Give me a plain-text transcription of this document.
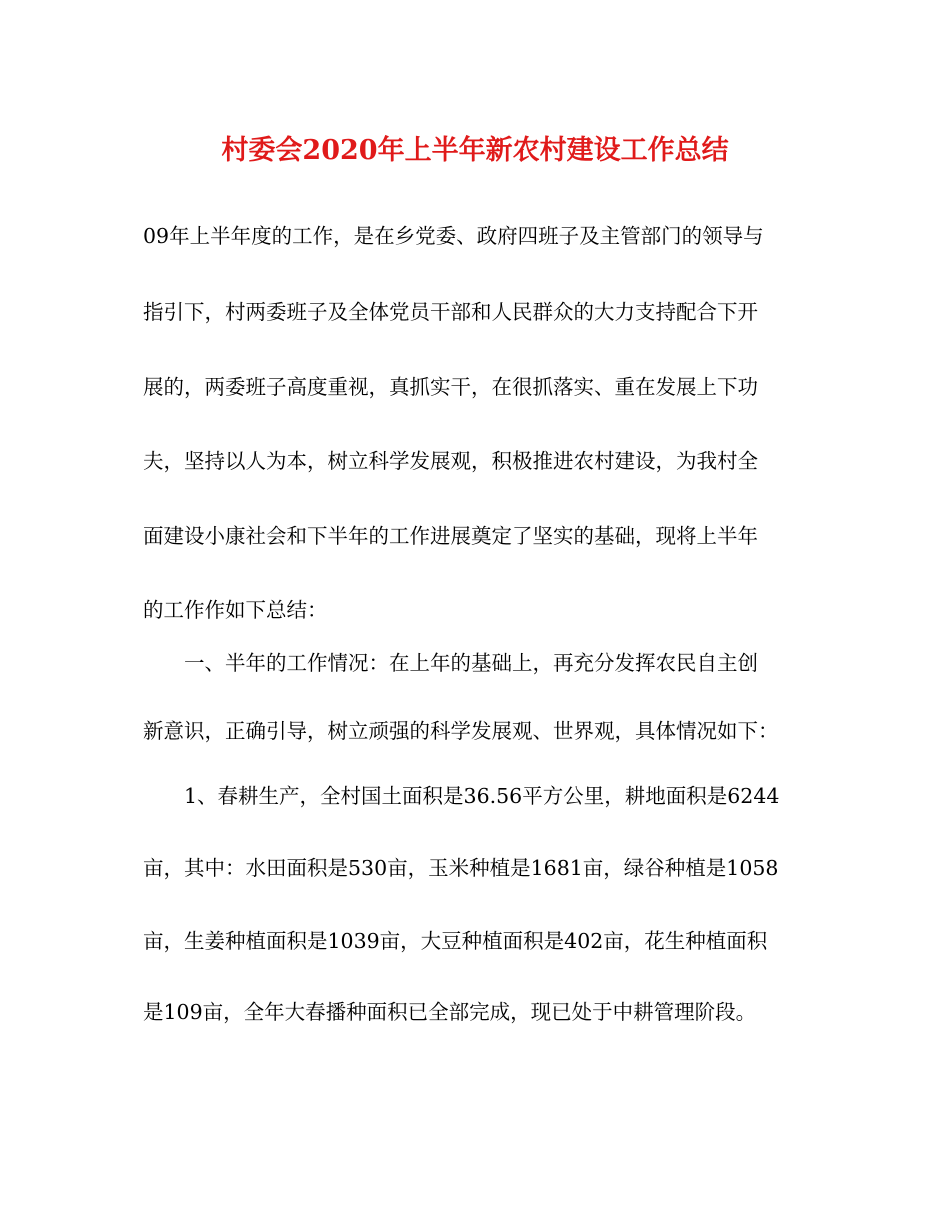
村委会2020年上半年新农村建设工作总结

09年上半年度的工作，是在乡党委、政府四班子及主管部门的领导与

指引下，村两委班子及全体党员干部和人民群众的大力支持配合下开

展的，两委班子高度重视，真抓实干，在很抓落实、重在发展上下功

夫，坚持以人为本，树立科学发展观，积极推进农村建设，为我村全

面建设小康社会和下半年的工作进展奠定了坚实的基础，现将上半年

的工作作如下总结：

一、半年的工作情况：在上年的基础上，再充分发挥农民自主创

新意识，正确引导，树立顽强的科学发展观、世界观，具体情况如下：

1、春耕生产，全村国土面积是36.56平方公里，耕地面积是6244

亩，其中：水田面积是530亩，玉米种植是1681亩，绿谷种植是1058

亩，生姜种植面积是1039亩，大豆种植面积是402亩，花生种植面积

是109亩，全年大春播种面积已全部完成，现已处于中耕管理阶段。
